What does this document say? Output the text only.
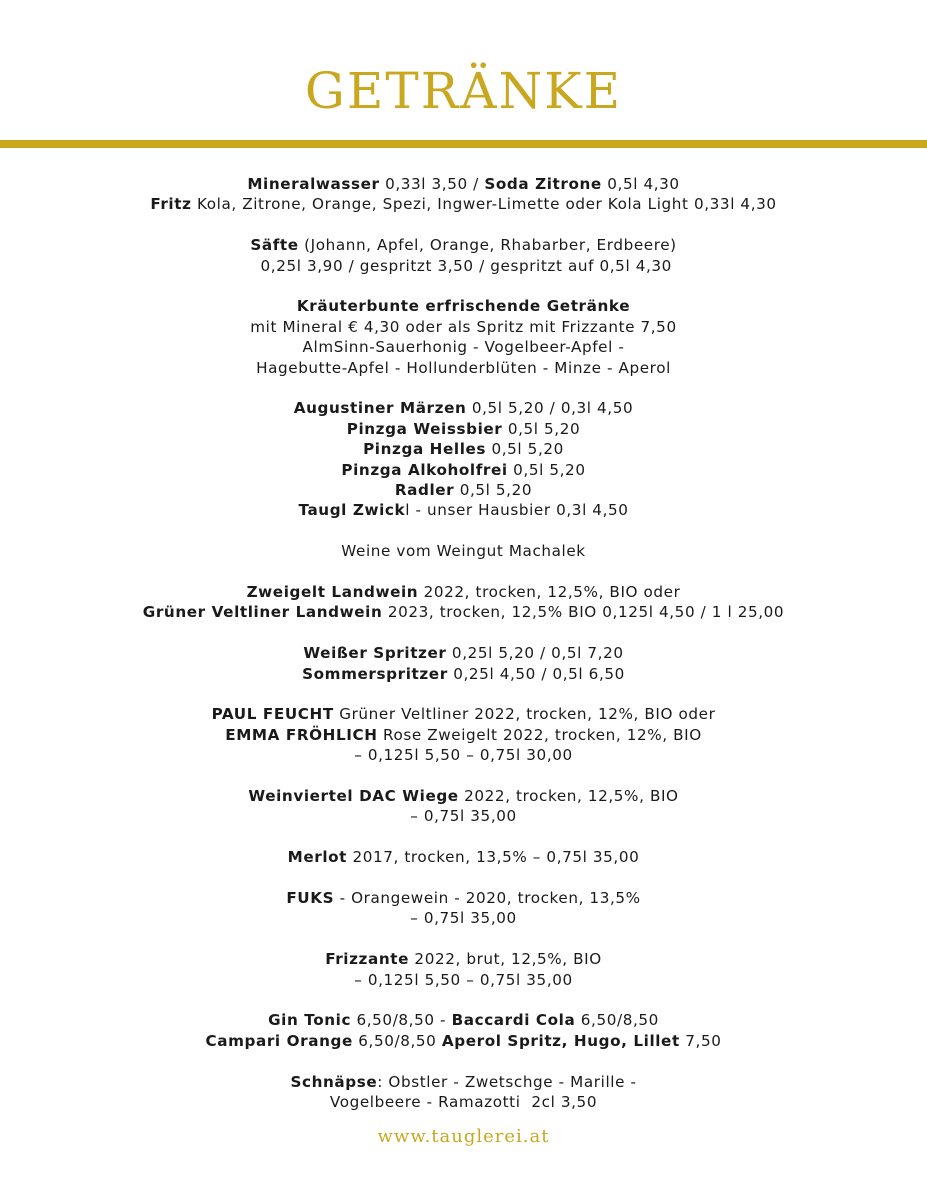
GETRÄNKE
Mineralwasser 0,33l 3,50 / Soda Zitrone 0,5l 4,30
Fritz Kola, Zitrone, Orange, Spezi, Ingwer-Limette oder Kola Light 0,33l 4,30
Säfte (Johann, Apfel, Orange, Rhabarber, Erdbeere)
0,25l 3,90 / gespritzt 3,50 / gespritzt auf 0,5l 4,30
Kräuterbunte erfrischende Getränke
mit Mineral € 4,30 oder als Spritz mit Frizzante 7,50
AlmSinn-Sauerhonig - Vogelbeer-Apfel -
Hagebutte-Apfel - Hollunderblüten - Minze - Aperol
Augustiner Märzen 0,5l 5,20 / 0,3l 4,50
Pinzga Weissbier 0,5l 5,20
Pinzga Helles 0,5l 5,20
Pinzga Alkoholfrei 0,5l 5,20
Radler 0,5l 5,20
Taugl Zwickl - unser Hausbier 0,3l 4,50
Weine vom Weingut Machalek
Zweigelt Landwein 2022, trocken, 12,5%, BIO oder
Grüner Veltliner Landwein 2023, trocken, 12,5% BIO 0,125l 4,50 / 1 l 25,00
Weißer Spritzer 0,25l 5,20 / 0,5l 7,20
Sommerspritzer 0,25l 4,50 / 0,5l 6,50
PAUL FEUCHT Grüner Veltliner 2022, trocken, 12%, BIO oder
EMMA FRÖHLICH Rose Zweigelt 2022, trocken, 12%, BIO
– 0,125l 5,50 – 0,75l 30,00
Weinviertel DAC Wiege 2022, trocken, 12,5%, BIO
– 0,75l 35,00
Merlot 2017, trocken, 13,5% – 0,75l 35,00
FUKS - Orangewein - 2020, trocken, 13,5%
– 0,75l 35,00
Frizzante 2022, brut, 12,5%, BIO
– 0,125l 5,50 – 0,75l 35,00
Gin Tonic 6,50/8,50 - Baccardi Cola 6,50/8,50
Campari Orange 6,50/8,50 Aperol Spritz, Hugo, Lillet 7,50
Schnäpse: Obstler - Zwetschge - Marille -
Vogelbeere - Ramazotti  2cl 3,50
www.tauglerei.at
